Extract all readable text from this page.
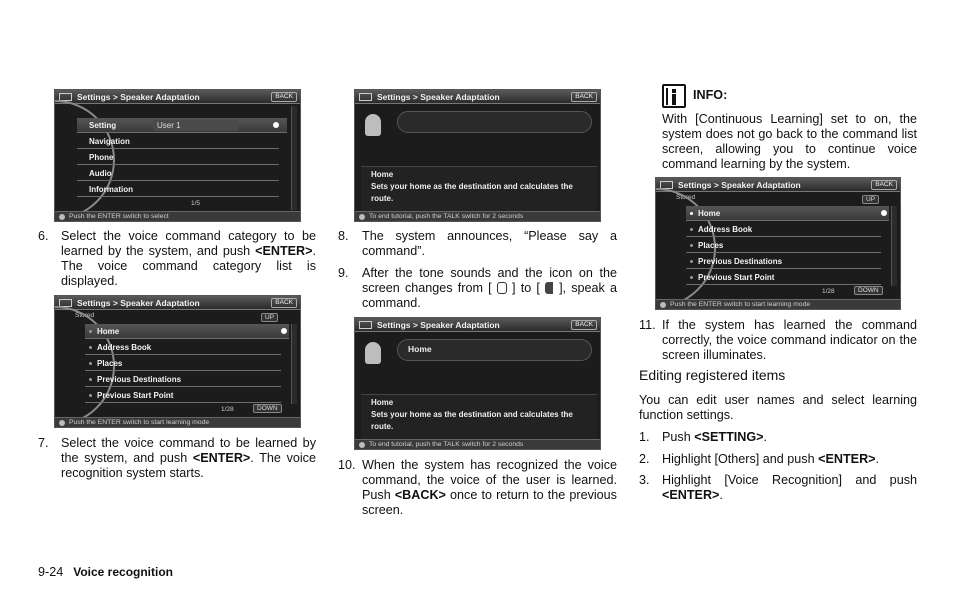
Settings > Speaker Adaptation	BACK
Setting	User 1
Navigation
Phone
Audio
Information
1/5
Push the ENTER switch to select
6. Select the voice command category to be learned by the system, and push <ENTER>. The voice command category list is displayed.
Settings > Speaker Adaptation	BACK
Stored	UP
Home
Address Book
Places
Previous Destinations
Previous Start Point
1/28	DOWN
Push the ENTER switch to start learning mode
7. Select the voice command to be learned by the system, and push <ENTER>. The voice recognition system starts.
Settings > Speaker Adaptation	BACK
Home
Sets your home as the destination and calculates the route.
To end tutorial, push the TALK switch for 2 seconds
8. The system announces, “Please say a command”.
9. After the tone sounds and the icon on the screen changes from [ ] to [ ], speak a command.
Settings > Speaker Adaptation	BACK
Home
Home
Sets your home as the destination and calculates the route.
To end tutorial, push the TALK switch for 2 seconds
10. When the system has recognized the voice command, the voice of the user is learned. Push <BACK> once to return to the previous screen.
INFO:
With [Continuous Learning] set to on, the system does not go back to the command list screen, allowing you to continue voice command learning by the system.
Settings > Speaker Adaptation	BACK
Stored	UP
Home
Address Book
Places
Previous Destinations
Previous Start Point
1/28	DOWN
Push the ENTER switch to start learning mode
11. If the system has learned the command correctly, the voice command indicator on the screen illuminates.
Editing registered items
You can edit user names and select learning function settings.
1. Push <SETTING>.
2. Highlight [Others] and push <ENTER>.
3. Highlight [Voice Recognition] and push <ENTER>.
9-24 Voice recognition
